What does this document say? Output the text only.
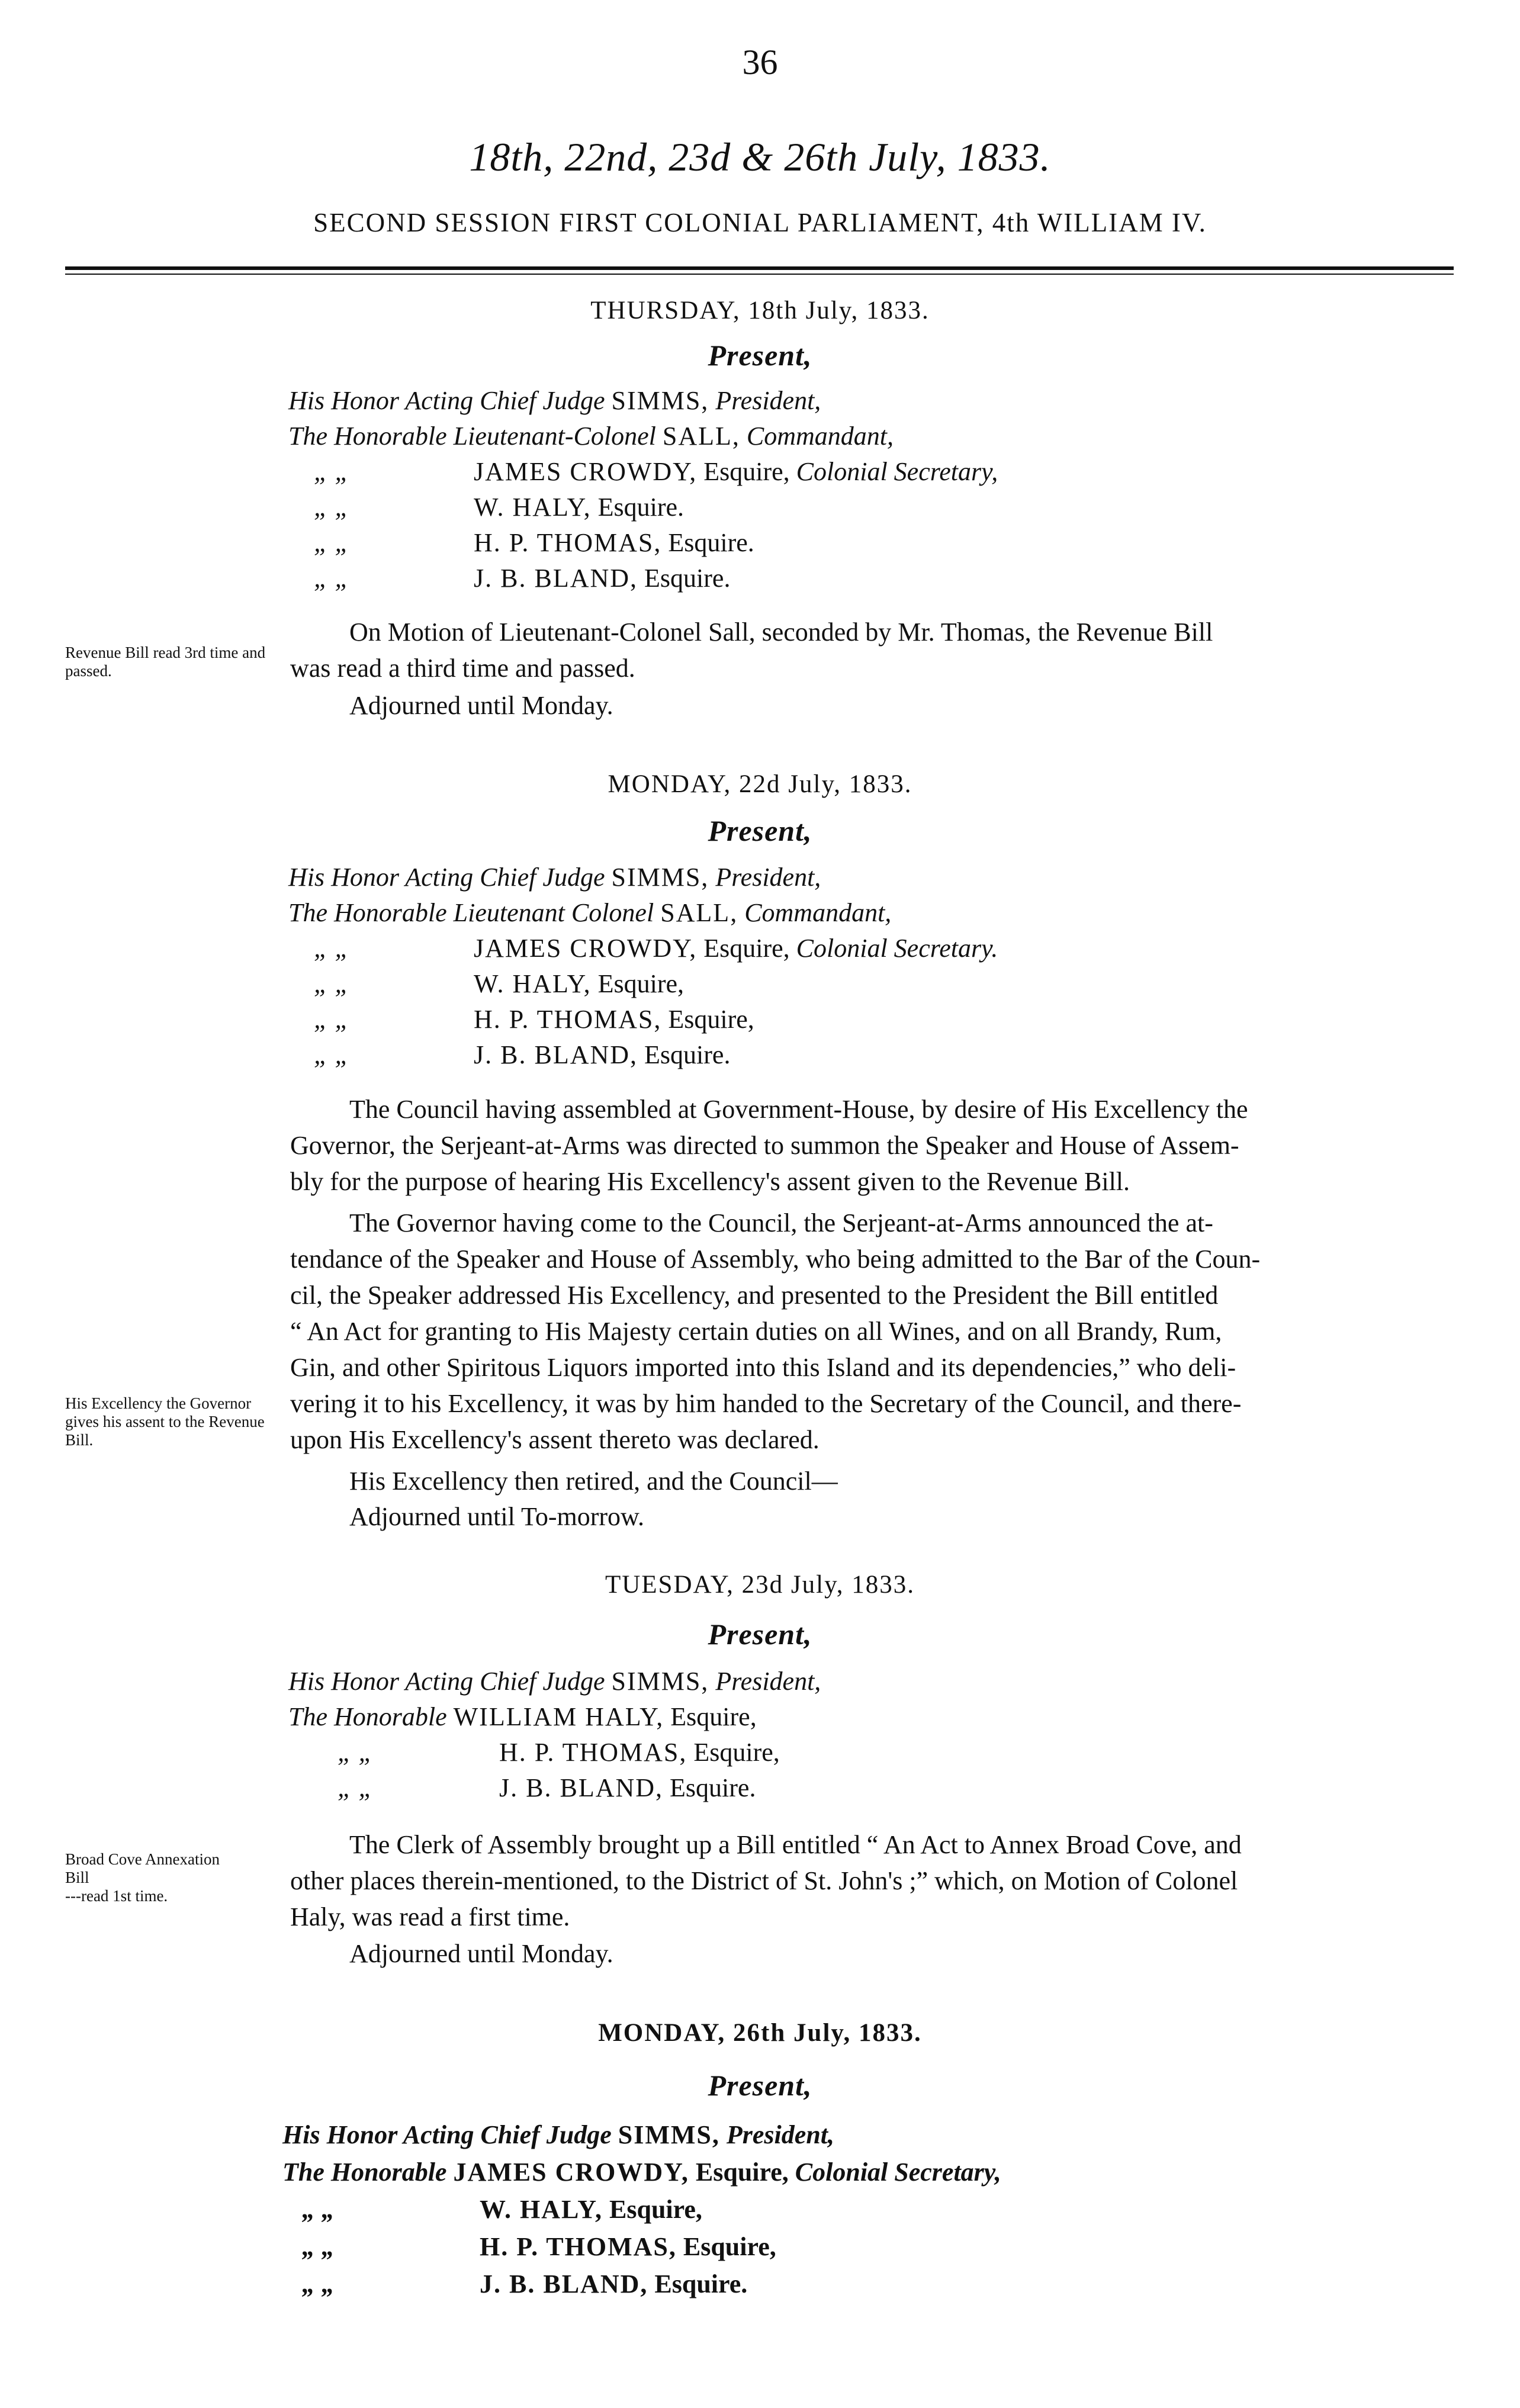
36
18th, 22nd, 23d & 26th July, 1833.
SECOND SESSION FIRST COLONIAL PARLIAMENT, 4th WILLIAM IV.
THURSDAY, 18th July, 1833.
Present,
His Honor Acting Chief Judge SIMMS, President,
The Honorable Lieutenant-Colonel SALL, Commandant,
„ „	JAMES CROWDY, Esquire, Colonial Secretary,
„ „	W. HALY, Esquire.
„ „	H. P. THOMAS, Esquire.
„ „	J. B. BLAND, Esquire.
On Motion of Lieutenant-Colonel Sall, seconded by Mr. Thomas, the Revenue Bill
was read a third time and passed.
Adjourned until Monday.
Revenue Bill read 3rd time and passed.
MONDAY, 22d July, 1833.
Present,
His Honor Acting Chief Judge SIMMS, President,
The Honorable Lieutenant Colonel SALL, Commandant,
„ „	JAMES CROWDY, Esquire, Colonial Secretary.
„ „	W. HALY, Esquire,
„ „	H. P. THOMAS, Esquire,
„ „	J. B. BLAND, Esquire.
The Council having assembled at Government-House, by desire of His Excellency the
Governor, the Serjeant-at-Arms was directed to summon the Speaker and House of Assem-
bly for the purpose of hearing His Excellency's assent given to the Revenue Bill.
The Governor having come to the Council, the Serjeant-at-Arms announced the at-
tendance of the Speaker and House of Assembly, who being admitted to the Bar of the Coun-
cil, the Speaker addressed His Excellency, and presented to the President the Bill entitled
“ An Act for granting to His Majesty certain duties on all Wines, and on all Brandy, Rum,
Gin, and other Spiritous Liquors imported into this Island and its dependencies,” who deli-
vering it to his Excellency, it was by him handed to the Secretary of the Council, and there-
upon His Excellency's assent thereto was declared.
His Excellency then retired, and the Council—
Adjourned until To-morrow.
His Excellency the Governor gives his assent to the Revenue Bill.
TUESDAY, 23d July, 1833.
Present,
His Honor Acting Chief Judge SIMMS, President,
The Honorable WILLIAM HALY, Esquire,
„ „	H. P. THOMAS, Esquire,
„ „	J. B. BLAND, Esquire.
The Clerk of Assembly brought up a Bill entitled “ An Act to Annex Broad Cove, and
other places therein-mentioned, to the District of St. John's ;” which, on Motion of Colonel
Haly, was read a first time.
Adjourned until Monday.
Broad Cove Annexation
Bill
---read 1st time.
MONDAY, 26th July, 1833.
Present,
His Honor Acting Chief Judge SIMMS, President,
The Honorable JAMES CROWDY, Esquire, Colonial Secretary,
„ „	W. HALY, Esquire,
„ „	H. P. THOMAS, Esquire,
„ „	J. B. BLAND, Esquire.
